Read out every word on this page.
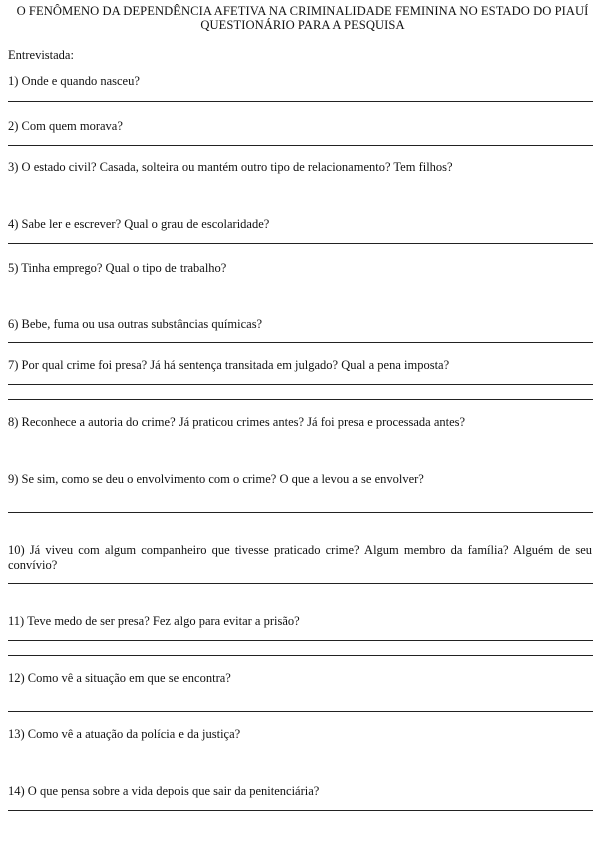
O FENÔMENO DA DEPENDÊNCIA AFETIVA NA CRIMINALIDADE FEMININA NO ESTADO DO PIAUÍ
QUESTIONÁRIO PARA A PESQUISA
Entrevistada:
1) Onde e quando nasceu?
2) Com quem morava?
3) O estado civil? Casada, solteira ou mantém outro tipo de relacionamento? Tem filhos?
4) Sabe ler e escrever? Qual o grau de escolaridade?
5) Tinha emprego? Qual o tipo de trabalho?
6) Bebe, fuma ou usa outras substâncias químicas?
7) Por qual crime foi presa? Já há sentença transitada em julgado? Qual a pena imposta?
8) Reconhece a autoria do crime? Já praticou crimes antes? Já foi presa e processada antes?
9) Se sim, como se deu o envolvimento com o crime? O que a levou a se envolver?
10) Já viveu com algum companheiro que tivesse praticado crime? Algum membro da família? Alguém de seu convívio?
11) Teve medo de ser presa? Fez algo para evitar a prisão?
12) Como vê a situação em que se encontra?
13) Como vê a atuação da polícia e da justiça?
14) O que pensa sobre a vida depois que sair da penitenciária?
